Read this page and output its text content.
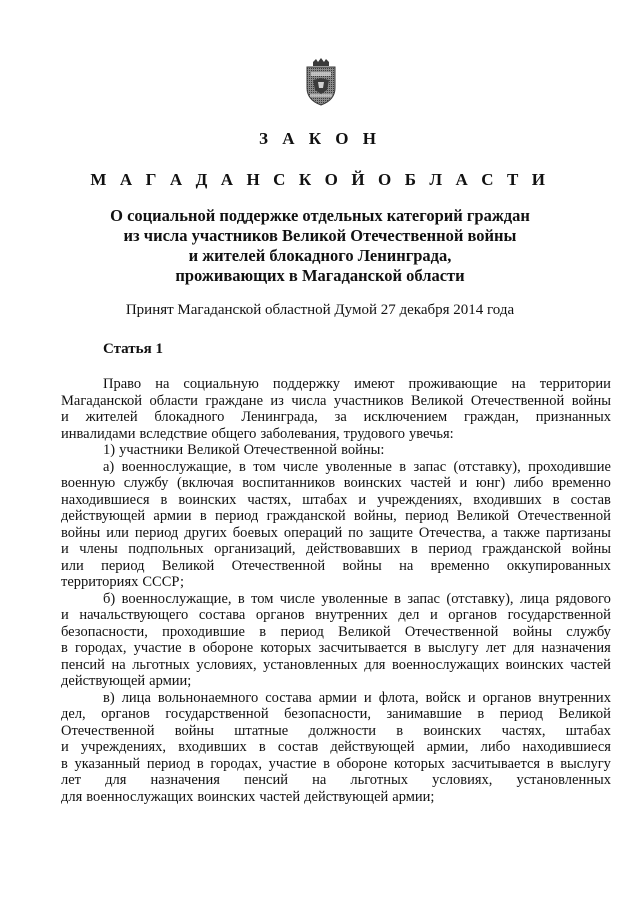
З А К О Н
М А Г А Д А Н С К О Й О Б Л А С Т И
О социальной поддержке отдельных категорий граждан
из числа участников Великой Отечественной войны
и жителей блокадного Ленинграда,
проживающих в Магаданской области
Принят Магаданской областной Думой 27 декабря 2014 года
Статья 1
Право на социальную поддержку имеют проживающие на территории
Магаданской области граждане из числа участников Великой Отечественной войны
и жителей блокадного Ленинграда, за исключением граждан, признанных
инвалидами вследствие общего заболевания, трудового увечья:
1) участники Великой Отечественной войны:
а) военнослужащие, в том числе уволенные в запас (отставку), проходившие
военную службу (включая воспитанников воинских частей и юнг) либо временно
находившиеся в воинских частях, штабах и учреждениях, входивших в состав
действующей армии в период гражданской войны, период Великой Отечественной
войны или период других боевых операций по защите Отечества, а также партизаны
и члены подпольных организаций, действовавших в период гражданской войны
или период Великой Отечественной войны на временно оккупированных
территориях СССР;
б) военнослужащие, в том числе уволенные в запас (отставку), лица рядового
и начальствующего состава органов внутренних дел и органов государственной
безопасности, проходившие в период Великой Отечественной войны службу
в городах, участие в обороне которых засчитывается в выслугу лет для назначения
пенсий на льготных условиях, установленных для военнослужащих воинских частей
действующей армии;
в) лица вольнонаемного состава армии и флота, войск и органов внутренних
дел, органов государственной безопасности, занимавшие в период Великой
Отечественной войны штатные должности в воинских частях, штабах
и учреждениях, входивших в состав действующей армии, либо находившиеся
в указанный период в городах, участие в обороне которых засчитывается в выслугу
лет для назначения пенсий на льготных условиях, установленных
для военнослужащих воинских частей действующей армии;
